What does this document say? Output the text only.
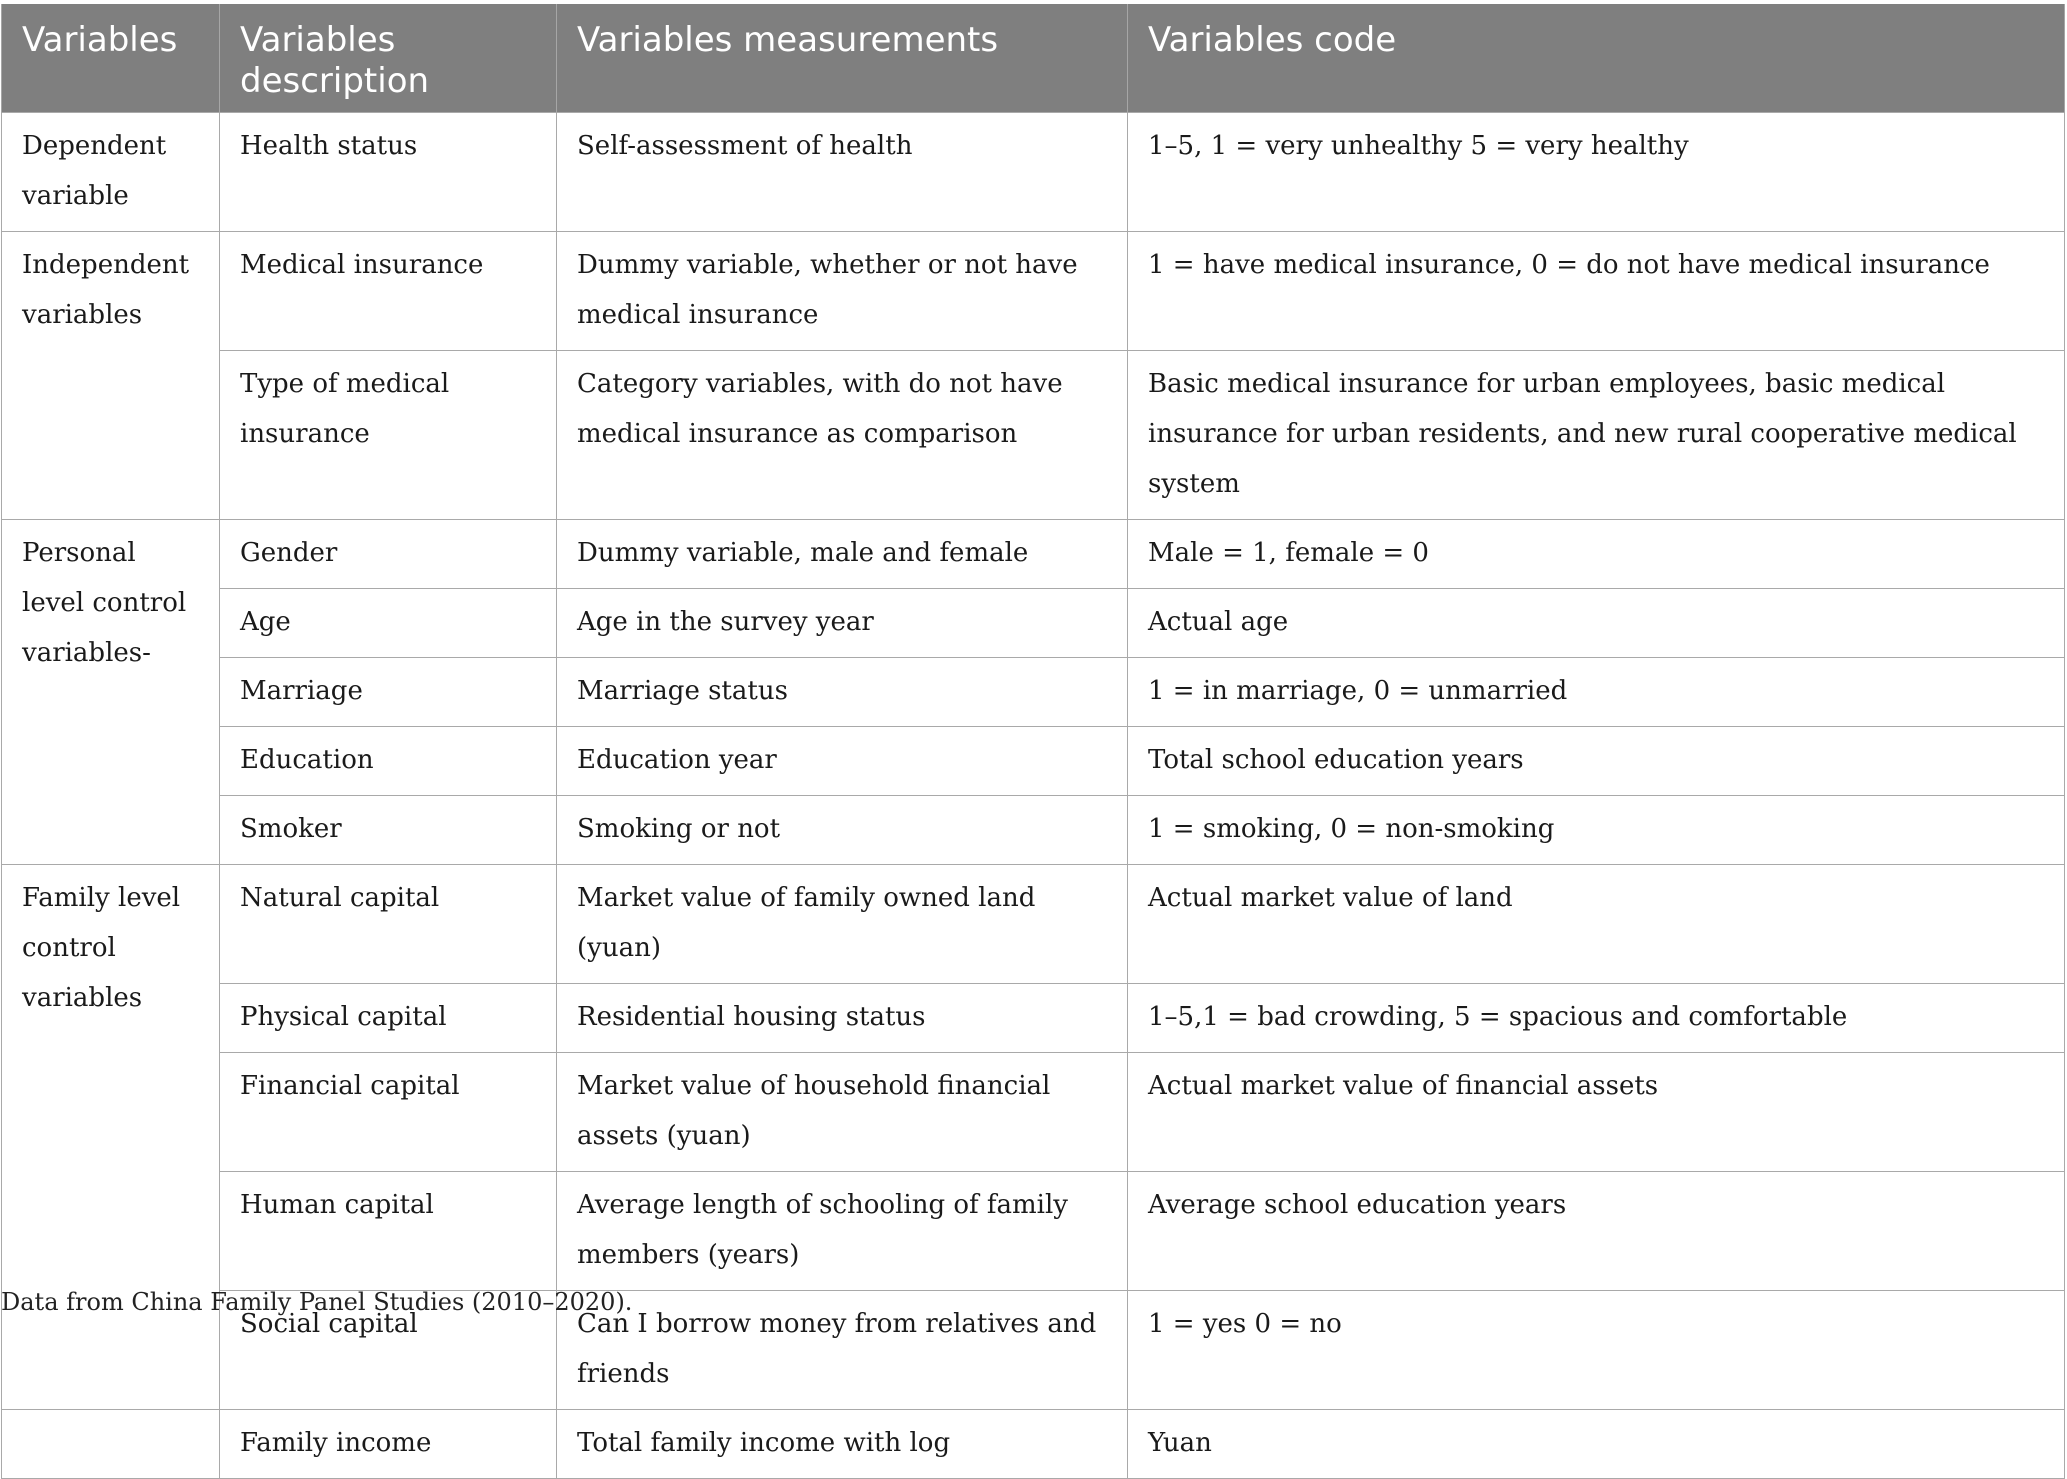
Variables	Variables description	Variables measurements	Variables code
Dependent variable	Health status	Self-assessment of health	1–5, 1 = very unhealthy 5 = very healthy
Independent variables	Medical insurance	Dummy variable, whether or not have medical insurance	1 = have medical insurance, 0 = do not have medical insurance
	Type of medical insurance	Category variables, with do not have medical insurance as comparison	Basic medical insurance for urban employees, basic medical insurance for urban residents, and new rural cooperative medical system
Personal level control variables-	Gender	Dummy variable, male and female	Male = 1, female = 0
	Age	Age in the survey year	Actual age
	Marriage	Marriage status	1 = in marriage, 0 = unmarried
	Education	Education year	Total school education years
	Smoker	Smoking or not	1 = smoking, 0 = non-smoking
Family level control variables	Natural capital	Market value of family owned land (yuan)	Actual market value of land
	Physical capital	Residential housing status	1–5,1 = bad crowding, 5 = spacious and comfortable
	Financial capital	Market value of household financial assets (yuan)	Actual market value of financial assets
	Human capital	Average length of schooling of family members (years)	Average school education years
	Social capital	Can I borrow money from relatives and friends	1 = yes 0 = no
	Family income	Total family income with log	Yuan
Data from China Family Panel Studies (2010–2020).
